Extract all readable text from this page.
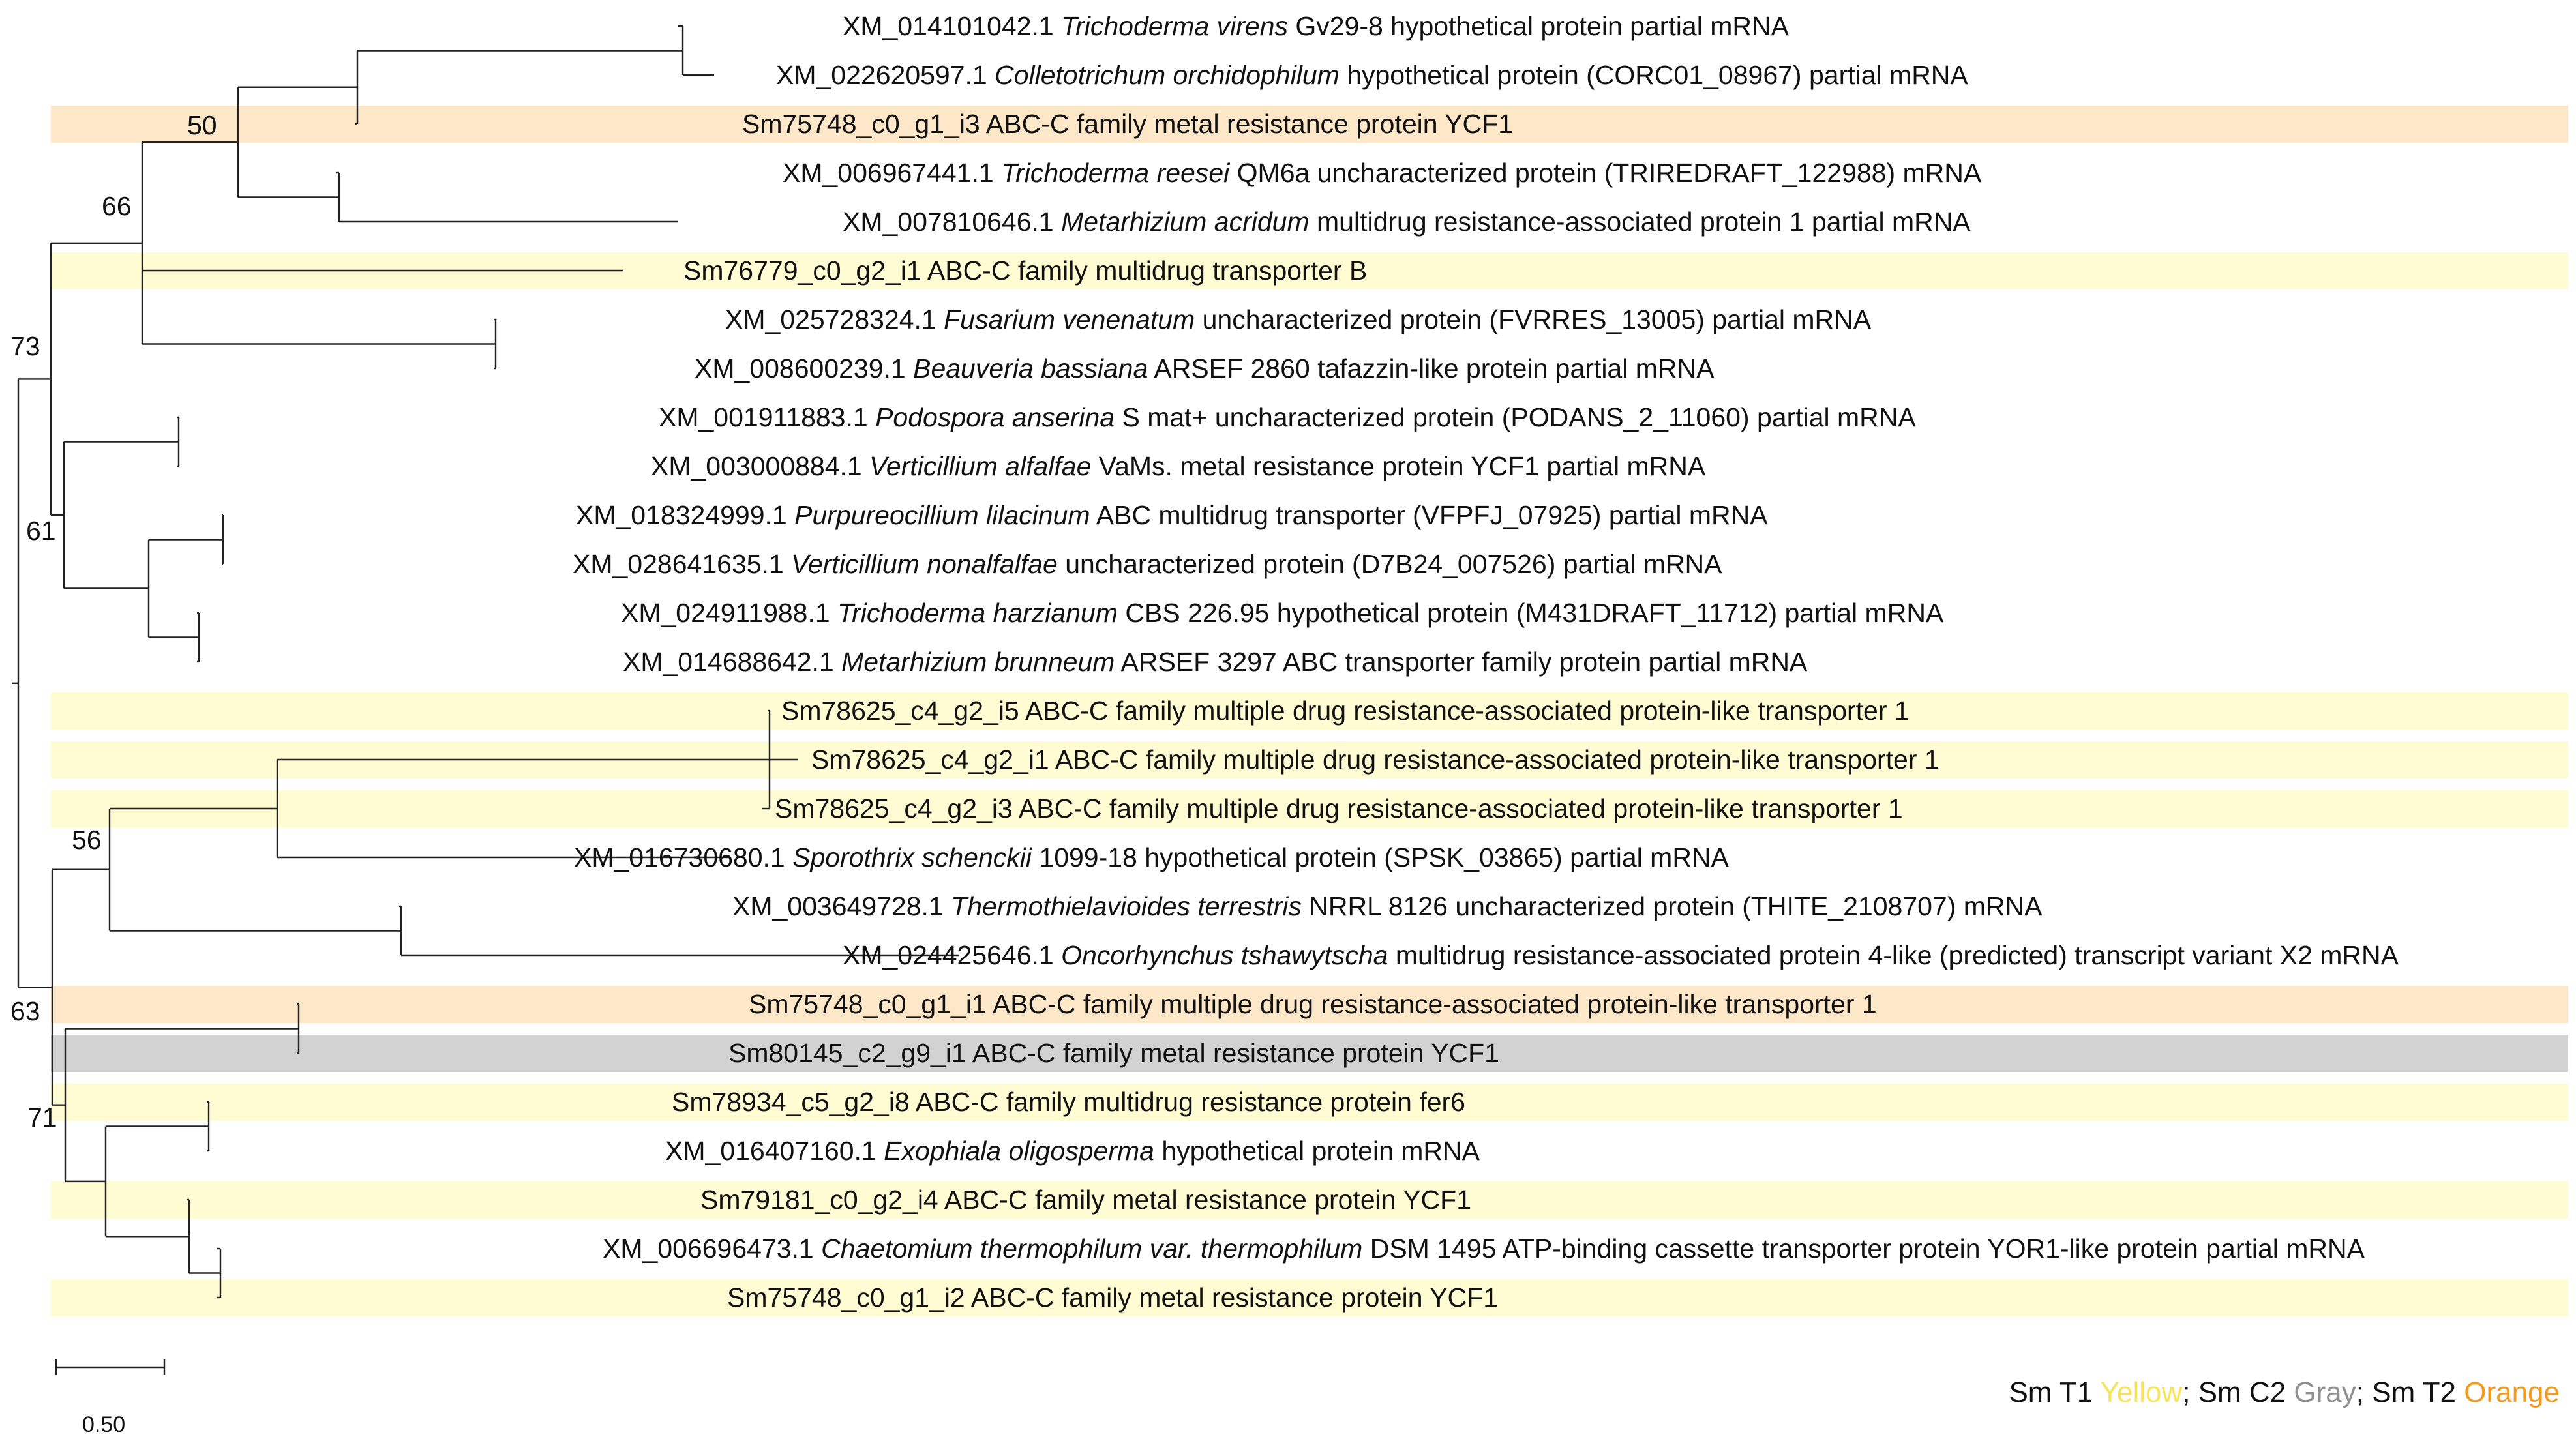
XM_014101042.1 Trichoderma virens Gv29-8 hypothetical protein partial mRNA
XM_022620597.1 Colletotrichum orchidophilum hypothetical protein (CORC01_08967) partial mRNA
Sm75748_c0_g1_i3 ABC-C family metal resistance protein YCF1
XM_006967441.1 Trichoderma reesei QM6a uncharacterized protein (TRIREDRAFT_122988) mRNA
XM_007810646.1 Metarhizium acridum multidrug resistance-associated protein 1 partial mRNA
Sm76779_c0_g2_i1 ABC-C family multidrug transporter B
XM_025728324.1 Fusarium venenatum uncharacterized protein (FVRRES_13005) partial mRNA
XM_008600239.1 Beauveria bassiana ARSEF 2860 tafazzin-like protein partial mRNA
XM_001911883.1 Podospora anserina S mat+ uncharacterized protein (PODANS_2_11060) partial mRNA
XM_003000884.1 Verticillium alfalfae VaMs. metal resistance protein YCF1 partial mRNA
XM_018324999.1 Purpureocillium lilacinum ABC multidrug transporter (VFPFJ_07925) partial mRNA
XM_028641635.1 Verticillium nonalfalfae uncharacterized protein (D7B24_007526) partial mRNA
XM_024911988.1 Trichoderma harzianum CBS 226.95 hypothetical protein (M431DRAFT_11712) partial mRNA
XM_014688642.1 Metarhizium brunneum ARSEF 3297 ABC transporter family protein partial mRNA
Sm78625_c4_g2_i5 ABC-C family multiple drug resistance-associated protein-like transporter 1
Sm78625_c4_g2_i1 ABC-C family multiple drug resistance-associated protein-like transporter 1
Sm78625_c4_g2_i3 ABC-C family multiple drug resistance-associated protein-like transporter 1
XM_016730680.1 Sporothrix schenckii 1099-18 hypothetical protein (SPSK_03865) partial mRNA
XM_003649728.1 Thermothielavioides terrestris NRRL 8126 uncharacterized protein (THITE_2108707) mRNA
XM_024425646.1 Oncorhynchus tshawytscha multidrug resistance-associated protein 4-like (predicted) transcript variant X2 mRNA
Sm75748_c0_g1_i1 ABC-C family multiple drug resistance-associated protein-like transporter 1
Sm80145_c2_g9_i1 ABC-C family metal resistance protein YCF1
Sm78934_c5_g2_i8 ABC-C family multidrug resistance protein fer6
XM_016407160.1 Exophiala oligosperma hypothetical protein mRNA
Sm79181_c0_g2_i4 ABC-C family metal resistance protein YCF1
XM_006696473.1 Chaetomium thermophilum var. thermophilum DSM 1495 ATP-binding cassette transporter protein YOR1-like protein partial mRNA
Sm75748_c0_g1_i2 ABC-C family metal resistance protein YCF1
50
66
73
61
56
63
71
0.50
Sm T1 Yellow; Sm C2 Gray; Sm T2 Orange
